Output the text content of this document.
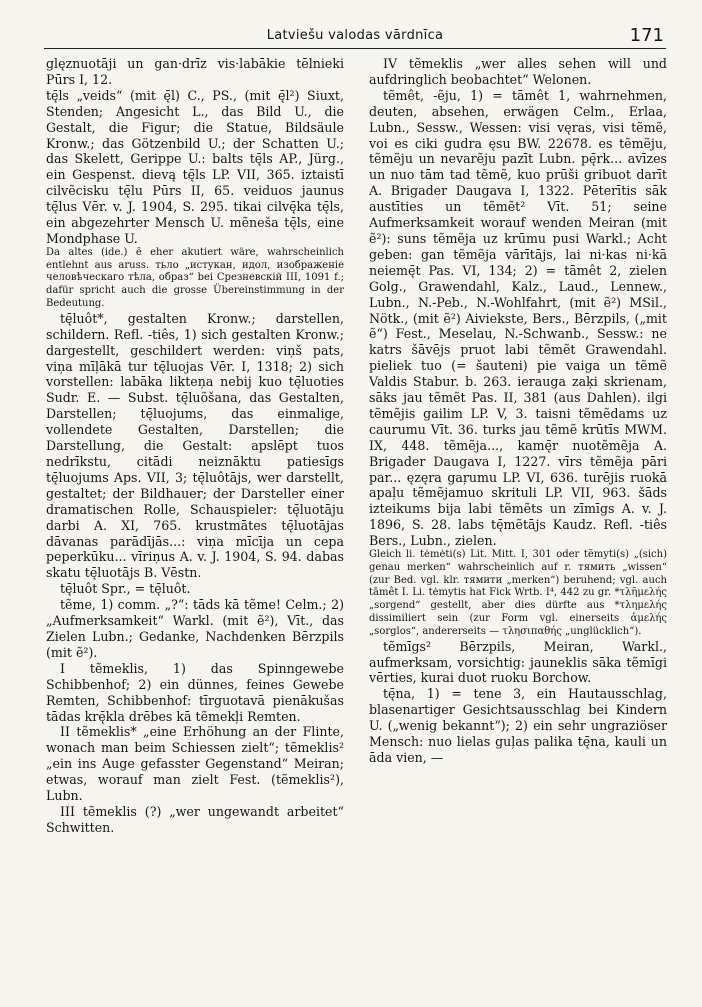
Latviešu valodas vārdnīca	171

glęznuotāji un gan·drīz vis·labākie tēlnieki Pūrs I, 12.

tę̄ls „veids“ (mit ę̄l) C., PS., (mit ę̄l²) Siuxt, Stenden; Angesicht L., das Bild U., die Gestalt, die Figur; die Statue, Bildsäule Kronw.; das Götzenbild U.; der Schatten U.; das Skelett, Gerippe U.: balts tę̄ls AP., Jürg., ein Gespenst. dievą tę̄ls LP. VII, 365. iztaistī cilvẽcisku tę̄lu Pūrs II, 65. veiduos jaunus tę̄lus Vēr. v. J. 1904, S. 295. tikai cilvę̄ka tę̄ls, ein abgezehrter Mensch U. mẽneša tę̄ls, eine Mondphase U.

Da altes (ide.) ē eher akutiert wäre, wahrscheinlich entlehnt aus aruss. тьло „истукан, идол, изображеніе человѣческаго тѣла, образ“ bei Срезневскій III, 1091 f.; dafür spricht auch die grosse Übereinstimmung in der Bedeutung.

tę̄luôt*, gestalten Kronw.; darstellen, schildern. Refl. -tiês, 1) sich gestalten Kronw.; dargestellt, geschildert werden: viņš pats, viņa mīļākā tur tę̄luojas Vēr. I, 1318; 2) sich vorstellen: labāka likteņa nebij kuo tę̄luoties Sudr. E. — Subst. tę̄luõšana, das Gestalten, Darstellen; tę̄luojums, das einmalige, vollendete Gestalten, Darstellen; die Darstellung, die Gestalt: apslēpt tuos nedrīkstu, citādi neiznāktu patiesīgs tę̄luojums Aps. VII, 3; tę̄luôtājs, wer darstellt, gestaltet; der Bildhauer; der Darsteller einer dramatischen Rolle, Schauspieler: tę̄luotāju darbi A. XI, 765. krustmātes tę̄luotājas dāvanas parādījās...: viņa mīcīja un cepa peperkūku... vīriņus A. v. J. 1904, S. 94. dabas skatu tę̄luotājs B. Vēstn.

tę̄luôt Spr., = tę̄luôt.

tẽme, 1) comm. „?“: tāds kā tẽme! Celm.; 2) „Aufmerksamkeit“ Warkl. (mit ẽ²), Vīt., das Zielen Lubn.; Gedanke, Nachdenken Bērzpils (mit ẽ²).

I tẽmeklis, 1) das Spinngewebe Schibbenhof; 2) ein dünnes, feines Gewebe Remten, Schibbenhof: tīrguotavā pienākušas tādas krę̄kla drēbes kā tẽmekļi Remten.

II tẽmeklis* „eine Erhöhung an der Flinte, wonach man beim Schiessen zielt“; tẽmeklis² „ein ins Auge gefasster Gegenstand“ Meiran; etwas, worauf man zielt Fest. (tẽmeklis²), Lubn.

III tẽmeklis (?) „wer ungewandt arbeitet“ Schwitten.

IV tẽmeklis „wer alles sehen will und aufdringlich beobachtet“ Welonen.

tẽmêt, -ẽju, 1) = tāmêt 1, wahrnehmen, deuten, absehen, erwägen Celm., Erlaa, Lubn., Sessw., Wessen: visi vęras, visi tẽmẽ, voi es ciki gudra ęsu BW. 22678. es tẽmẽju, tẽmẽju un nevarẽju pazīt Lubn. pę̄rk... avīzes un nuo tām tad tẽmẽ, kuo prūši gribuot darīt A. Brigader Daugava I, 1322. Pēterītis sāk austīties un tẽmẽt² Vīt. 51; seine Aufmerksamkeit worauf wenden Meiran (mit ẽ²): suns tẽmẽja uz krūmu pusi Warkl.; Acht geben: gan tẽmẽja vārītājs, lai ni·kas ni·kā neiemę̄t Pas. VI, 134; 2) = tāmêt 2, zielen Golg., Grawendahl, Kalz., Laud., Lennew., Lubn., N.-Peb., N.-Wohlfahrt, (mit ẽ²) MSil., Nötk., (mit ẽ²) Aiviekste, Bers., Bērzpils, („mit ẽ“) Fest., Meselau, N.-Schwanb., Sessw.: ne katrs šāvējs pruot labi tẽmẽt Grawendahl. pieliek tuo (= šauteni) pie vaiga un tẽmẽ Valdis Stabur. b. 263. ierauga zaķi skrienam, sāks jau tẽmẽt Pas. II, 381 (aus Dahlen). ilgi tẽmẽjis gailim LP. V, 3. taisni tẽmẽdams uz caurumu Vīt. 36. turks jau tẽmẽ krūtīs MWM. IX, 448. tẽmẽja..., kamę̄r nuotẽmẽja A. Brigader Daugava I, 1227. vīrs tẽmẽja pāri par... ęzęra gaŗumu LP. VI, 636. turējis ruokā apaļu tẽmẽjamuo skrituli LP. VII, 963. šāds izteikums bija labi tẽmẽts un zīmīgs A. v. J. 1896, S. 28. labs tę̄mẽtājs Kaudz. Refl. -tiês Bers., Lubn., zielen.

Gleich li. tėmėti(s) Lit. Mitt. I, 301 oder tẽmyti(s) „(sich) genau merken“ wahrscheinlich auf r. тямить „wissen“ (zur Bed. vgl. klr. тямити „merken“) beruhend; vgl. auch tāmêt I. Li. tėmytis hat Fick Wrtb. I⁴, 442 zu gr. *τλῆμελής „sorgend“ gestellt, aber dies dürfte aus *τλημελής dissimiliert sein (zur Form vgl. einerseits ἀμελής „sorglos“, andererseits — τλησιπαθής „unglücklich“).

tẽmīgs² Bērzpils, Meiran, Warkl., aufmerksam, vorsichtig: jauneklis sāka tẽmīgi vērties, kurai duot ruoku Borchow.

tę̄na, 1) = tene 3, ein Hautausschlag, blasenartiger Gesichtsausschlag bei Kindern U. („wenig bekannt“); 2) ein sehr ungraziöser Mensch: nuo lielas guļas palika tę̄na, kauli un āda vien, —
